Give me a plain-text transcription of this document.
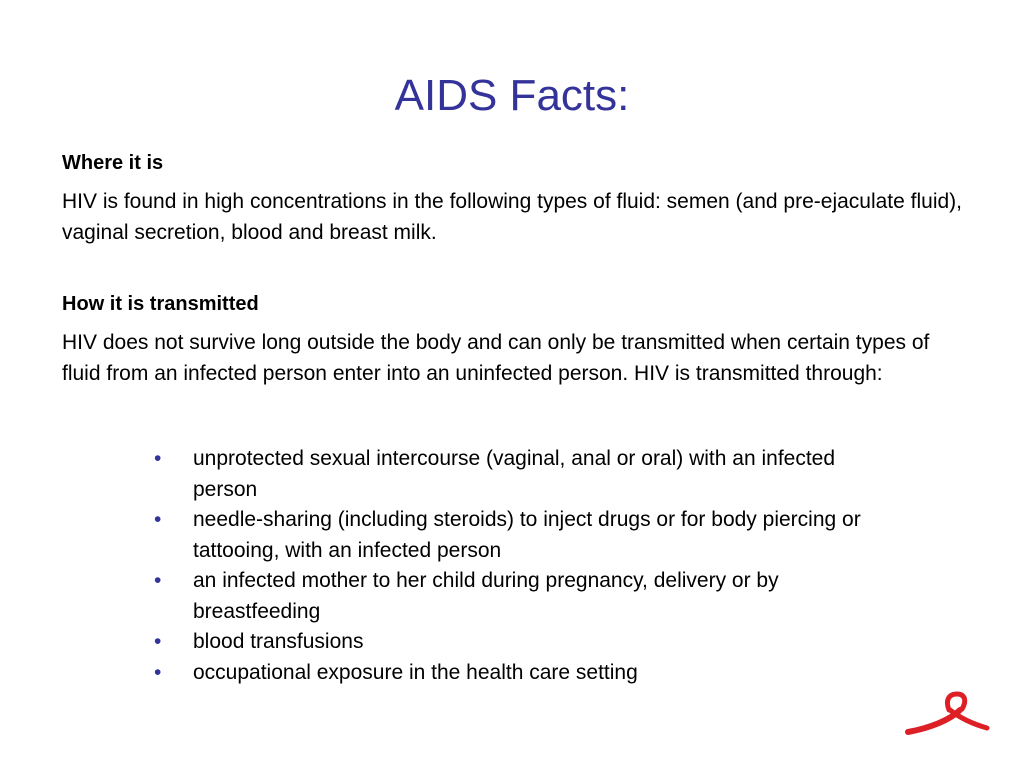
AIDS Facts:
Where it is
HIV is found in high concentrations in the following types of fluid: semen (and pre-ejaculate fluid), vaginal secretion, blood and breast milk.
How it is transmitted
HIV does not survive long outside the body and can only be transmitted when certain types of fluid from an infected person enter into an uninfected person. HIV is transmitted through:
• unprotected sexual intercourse (vaginal, anal or oral) with an infected person
• needle-sharing (including steroids) to inject drugs or for body piercing or tattooing, with an infected person
• an infected mother to her child during pregnancy, delivery or by breastfeeding
• blood transfusions
• occupational exposure in the health care setting
